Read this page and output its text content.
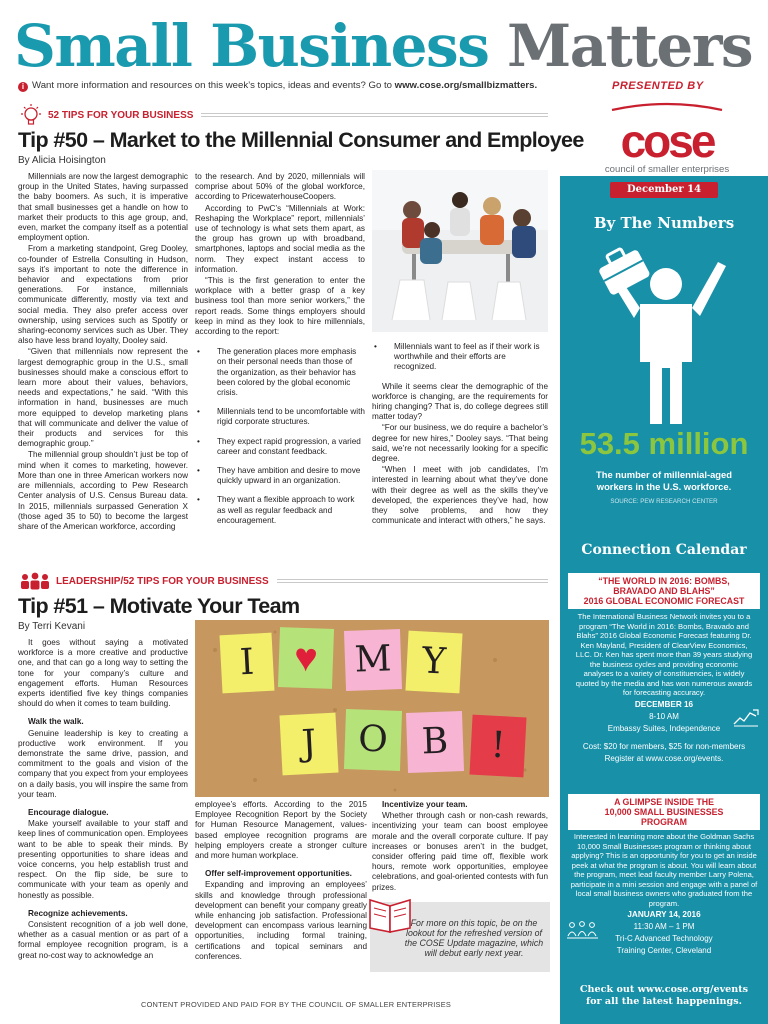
Small Business Matters
i Want more information and resources on this week’s topics, ideas and events? Go to www.cose.org/smallbizmatters.	PRESENTED BY
cose
council of smaller enterprises
52 TIPS FOR YOUR BUSINESS
Tip #50 – Market to the Millennial Consumer and Employee
By Alicia Hoisington

Millennials are now the largest demographic group in the United States, having surpassed the baby boomers. As such, it is imperative that small businesses get a handle on how to market their products to this age group, and, even, market the company itself as a potential employment option.

From a marketing standpoint, Greg Dooley, co-founder of Estrella Consulting in Hudson, says it’s important to note the difference in behavior and expectations from prior generations. For instance, millennials communicate differently, mostly via text and social media. They also prefer access over ownership, using services such as Spotify or sharing-economy services such as Uber. They also have less brand loyalty, Dooley said.

“Given that millennials now represent the largest demographic group in the U.S., small businesses should make a conscious effort to learn more about their values, behaviors, needs and expectations,” he said. “With this information in hand, businesses are much more equipped to develop marketing plans that will communicate and deliver the value of their products and services for this demographic group.”

The millennial group shouldn’t just be top of mind when it comes to marketing, however. More than one in three American workers now are millennials, according to Pew Research Center analysis of U.S. Census Bureau data. In 2015, millennials surpassed Generation X (those aged 35 to 50) to become the largest share of the American workforce, according

to the research. And by 2020, millennials will comprise about 50% of the global workforce, according to PricewaterhouseCoopers.

According to PwC’s “Millennials at Work: Reshaping the Workplace” report, millennials’ use of technology is what sets them apart, as the group has grown up with broadband, smartphones, laptops and social media as the norm. They expect instant access to information.

“This is the first generation to enter the workplace with a better grasp of a key business tool than more senior workers,” the report reads. Some things employers should keep in mind as they look to hire millennials, according to the report:

• The generation places more emphasis on their personal needs than those of the organization, as their behavior has been colored by the global economic crisis.
• Millennials tend to be uncomfortable with rigid corporate structures.
• They expect rapid progression, a varied career and constant feedback.
• They have ambition and desire to move quickly upward in an organization.
• They want a flexible approach to work as well as regular feedback and encouragement.
• Millennials want to feel as if their work is worthwhile and their efforts are recognized.

While it seems clear the demographic of the workforce is changing, are the requirements for hiring changing? That is, do college degrees still matter today?

“For our business, we do require a bachelor’s degree for new hires,” Dooley says. “That being said, we’re not necessarily looking for a specific degree.

“When I meet with job candidates, I’m interested in learning about what they’ve done with their degree as well as the skills they’ve developed, the experiences they’ve had, how they solve problems, and how they communicate and interact with others,” he says.

LEADERSHIP/52 TIPS FOR YOUR BUSINESS
Tip #51 – Motivate Your Team
By Terri Kevani

It goes without saying a motivated workforce is a more creative and productive one, and that can go a long way to setting the tone for your company’s culture and engagement efforts. Human Resources experts identified five key things companies should do when it comes to team building.

Walk the walk.

Genuine leadership is key to creating a productive work environment. If you demonstrate the same drive, passion, and commitment to the goals and vision of the company that you expect from your employees on a daily basis, you will inspire the same from your team.

Encourage dialogue.

Make yourself available to your staff and keep lines of communication open. Employees want to be able to speak their minds. By presenting opportunities to share ideas and voice concerns, you help establish trust and respect. On the flip side, be sure to communicate with your team as openly and honestly as possible.

Recognize achievements.

Consistent recognition of a job well done, whether as a casual mention or as part of a formal employee recognition program, is a great no-cost way to acknowledge an

I ♥ M Y
J	O B	!

employee’s efforts. According to the 2015 Employee Recognition Report by the Society for Human Resource Management, values-based employee recognition programs are helping employers create a stronger culture and more human workplace.

Offer self-improvement opportunities.

Expanding and improving an employees’ skills and knowledge through professional development can benefit your company greatly while enhancing job satisfaction. Professional development can encompass various learning opportunities, including formal training, certifications and topical seminars and conferences.

Incentivize your team.

Whether through cash or non-cash rewards, incentivizing your team can boost employee morale and the overall corporate culture. If pay increases or bonuses aren’t in the budget, consider offering paid time off, flexible work hours, remote work opportunities, employee celebrations, and goal-oriented contests with fun prizes.

For more on this topic, be on the lookout for the refreshed version of the COSE Update magazine, which will debut early next year.
December 14
By The Numbers
53.5 million
The number of millennial-aged workers in the U.S. workforce.
SOURCE: PEW RESEARCH CENTER
Connection Calendar
“THE WORLD IN 2016: BOMBS,
BRAVADO AND BLAHS”
2016 GLOBAL ECONOMIC FORECAST
The International Business Network invites you to a program “The World in 2016: Bombs, Bravado and Blahs” 2016 Global Economic Forecast featuring Dr. Ken Mayland, President of ClearView Economics, LLC. Dr. Ken has spent more than 39 years studying the business cycles and providing economic analyses to a variety of constituencies, is widely quoted by the media and has won numerous awards for forecasting accuracy.
DECEMBER 16
8-10 AM
Embassy Suites, Independence
Cost: $20 for members, $25 for non-members
Register at www.cose.org/events.
A GLIMPSE INSIDE THE
10,000 SMALL BUSINESSES
PROGRAM
Interested in learning more about the Goldman Sachs 10,000 Small Businesses program or thinking about applying? This is an opportunity for you to get an inside peek at what the program is about. You will learn about the program, meet lead faculty member Larry Polena, participate in a mini session and engage with a panel of local small business owners who graduated from the program.
JANUARY 14, 2016
11:30 AM – 1 PM
Tri-C Advanced Technology
Training Center, Cleveland
Check out www.cose.org/events
for all the latest happenings.
CONTENT PROVIDED AND PAID FOR BY THE COUNCIL OF SMALLER ENTERPRISES
